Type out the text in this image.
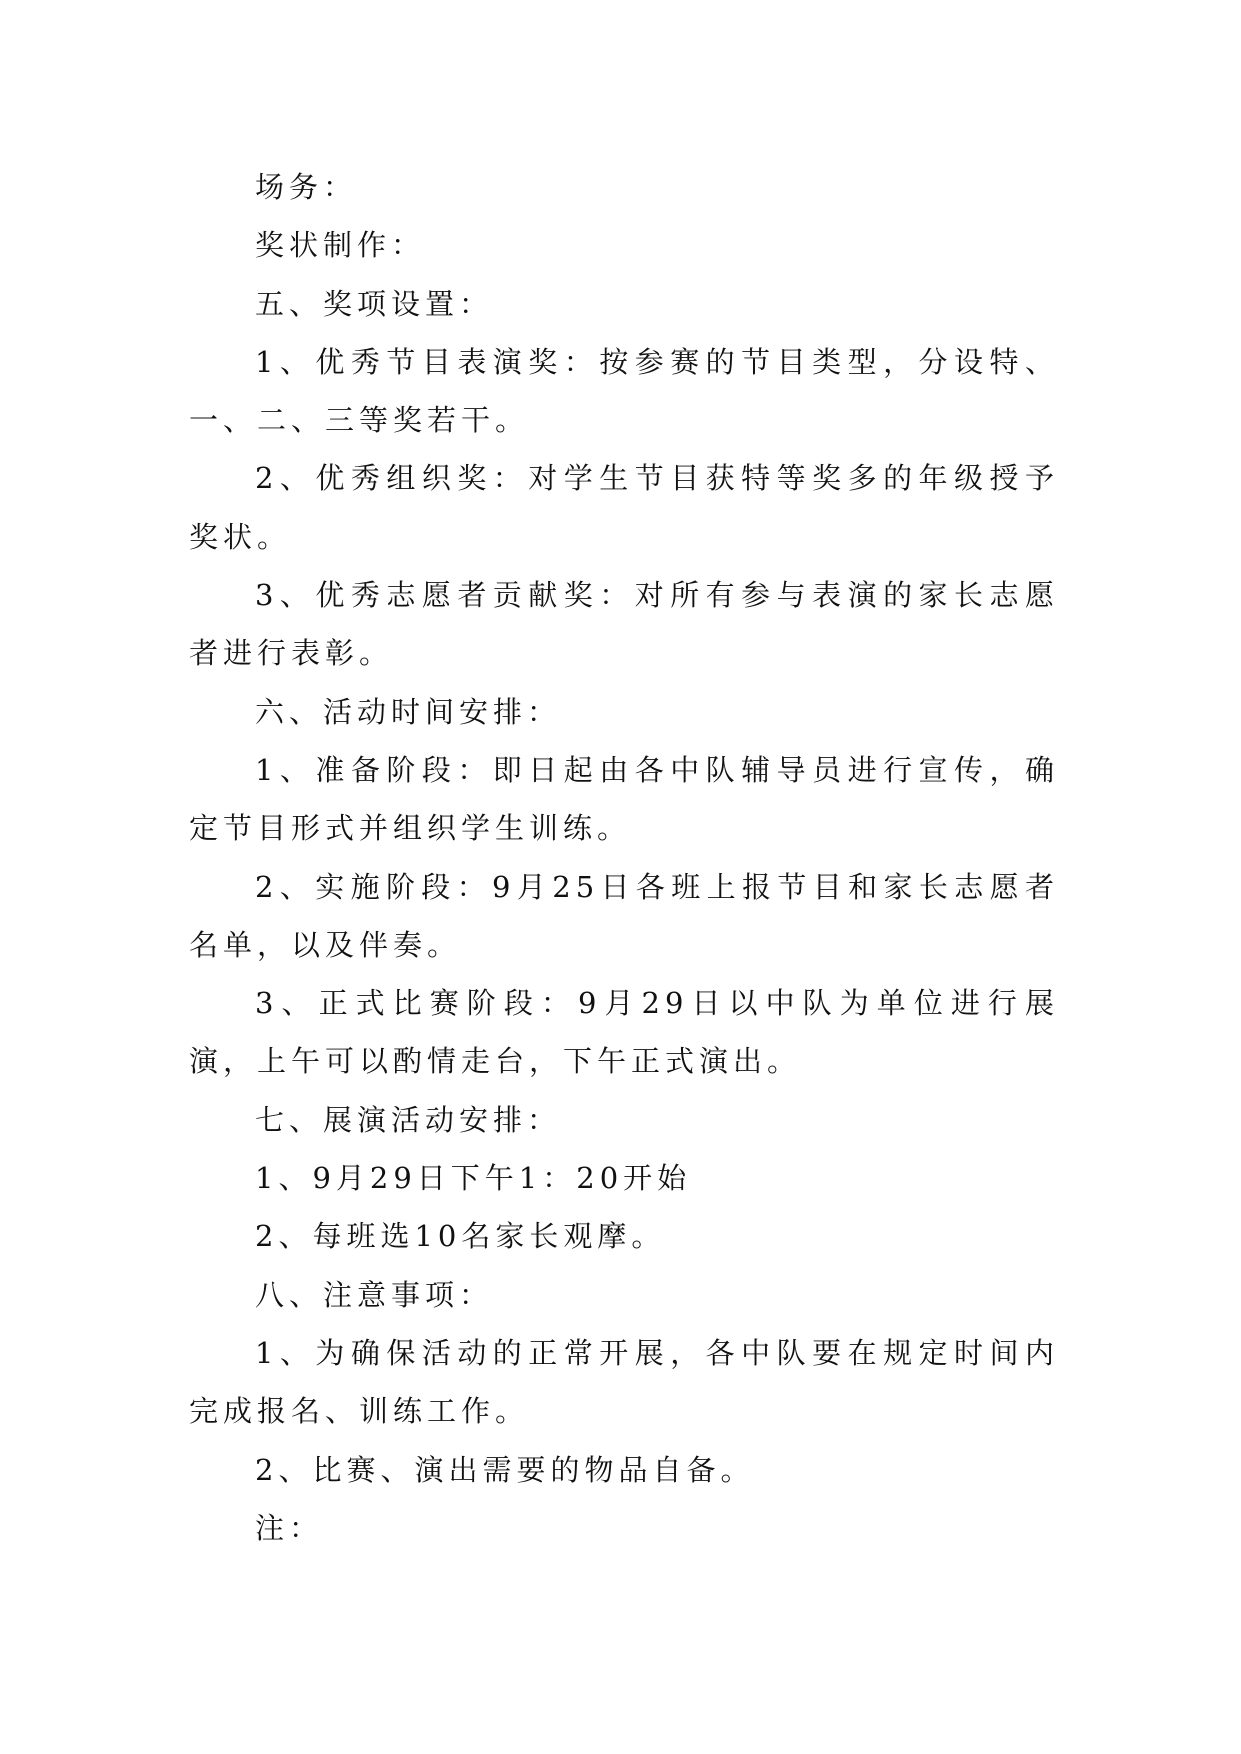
场务：

奖状制作：

五、奖项设置：

1、优秀节目表演奖：按参赛的节目类型，分设特、一、二、三等奖若干。

2、优秀组织奖：对学生节目获特等奖多的年级授予奖状。

3、优秀志愿者贡献奖：对所有参与表演的家长志愿者进行表彰。

六、活动时间安排：

1、准备阶段：即日起由各中队辅导员进行宣传，确定节目形式并组织学生训练。

2、实施阶段：9月25日各班上报节目和家长志愿者名单，以及伴奏。

3、正式比赛阶段：9月29日以中队为单位进行展演，上午可以酌情走台，下午正式演出。

七、展演活动安排：

1、9月29日下午1：20开始

2、每班选10名家长观摩。

八、注意事项：

1、为确保活动的正常开展，各中队要在规定时间内完成报名、训练工作。

2、比赛、演出需要的物品自备。

注：
